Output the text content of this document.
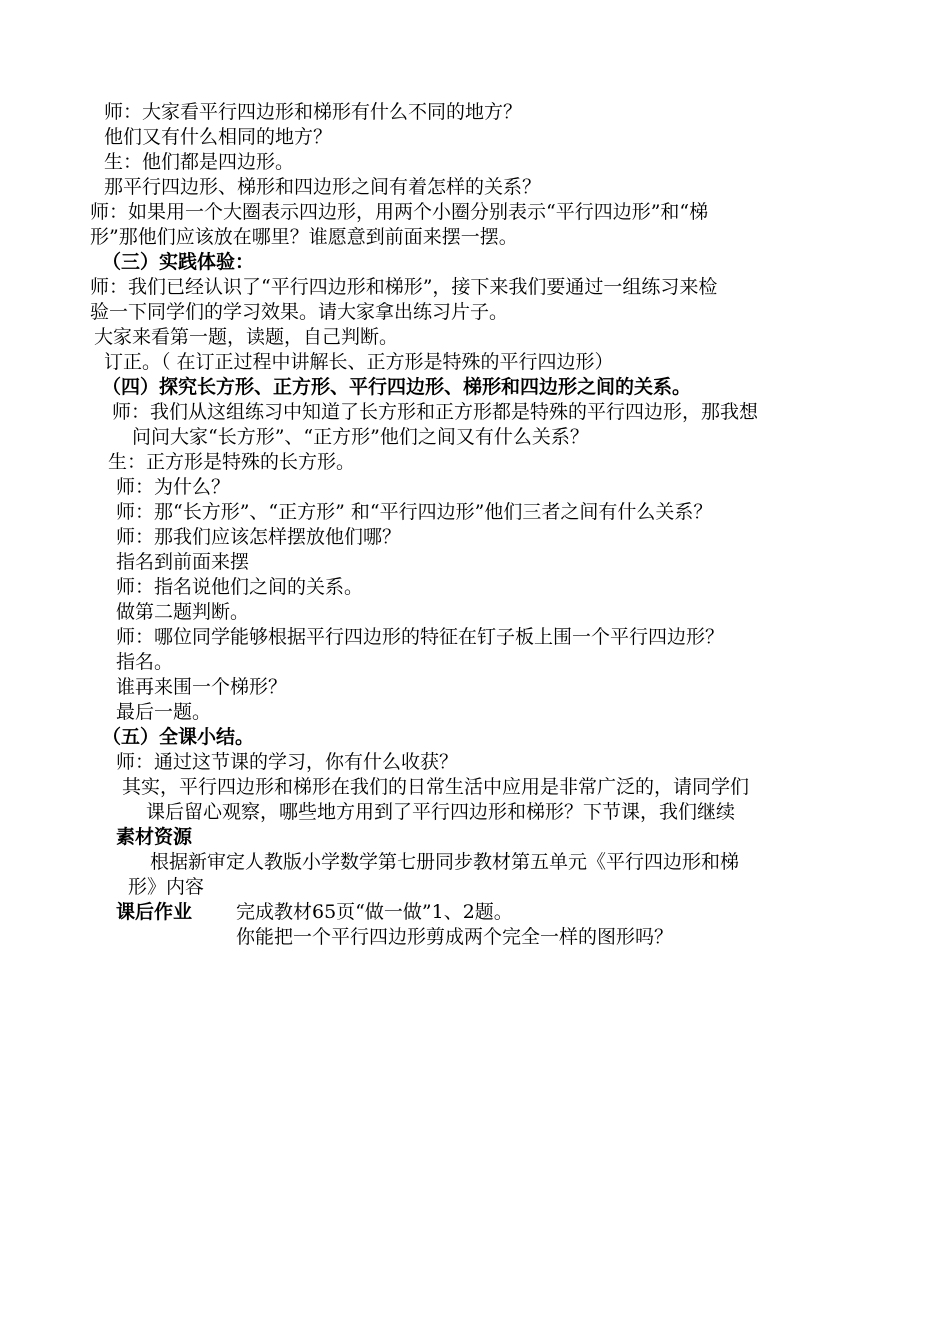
师：大家看平行四边形和梯形有什么不同的地方？
他们又有什么相同的地方？
生：他们都是四边形。
那平行四边形、梯形和四边形之间有着怎样的关系？
师：如果用一个大圈表示四边形，用两个小圈分别表示“平行四边形”和“梯
形”那他们应该放在哪里？谁愿意到前面来摆一摆。
（三）实践体验：
师：我们已经认识了“平行四边形和梯形”，接下来我们要通过一组练习来检
验一下同学们的学习效果。请大家拿出练习片子。
大家来看第一题，读题，自己判断。
订正。（ 在订正过程中讲解长、正方形是特殊的平行四边形）
（四）探究长方形、正方形、平行四边形、梯形和四边形之间的关系。
师：我们从这组练习中知道了长方形和正方形都是特殊的平行四边形，那我想
问问大家“长方形”、“正方形”他们之间又有什么关系？
生：正方形是特殊的长方形。
师：为什么？
师：那“长方形”、“正方形” 和“平行四边形”他们三者之间有什么关系？
师：那我们应该怎样摆放他们哪？
指名到前面来摆
师：指名说他们之间的关系。
做第二题判断。
师：哪位同学能够根据平行四边形的特征在钉子板上围一个平行四边形？
指名。
谁再来围一个梯形？
最后一题。
（五）全课小结。
师：通过这节课的学习，你有什么收获？
其实，平行四边形和梯形在我们的日常生活中应用是非常广泛的，请同学们
课后留心观察，哪些地方用到了平行四边形和梯形？下节课，我们继续
素材资源
根据新审定人教版小学数学第七册同步教材第五单元《平行四边形和梯
形》内容
课后作业 完成教材65页“做一做”1、2题。
你能把一个平行四边形剪成两个完全一样的图形吗？
